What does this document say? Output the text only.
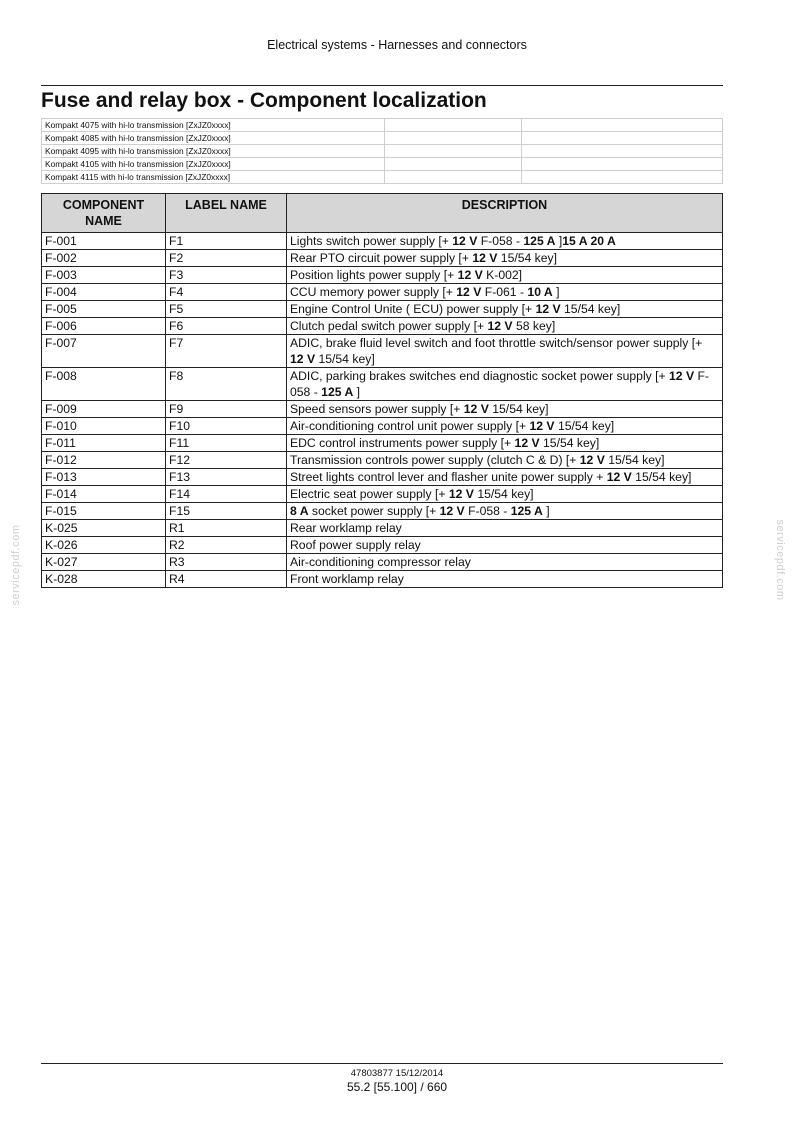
Electrical systems - Harnesses and connectors
Fuse and relay box - Component localization
Kompakt 4075 with hi-lo transmission [ZxJZ0xxxx]		
Kompakt 4085 with hi-lo transmission [ZxJZ0xxxx]		
Kompakt 4095 with hi-lo transmission [ZxJZ0xxxx]		
Kompakt 4105 with hi-lo transmission [ZxJZ0xxxx]		
Kompakt 4115 with hi-lo transmission [ZxJZ0xxxx]		
COMPONENT NAME	LABEL NAME	DESCRIPTION
F-001	F1	Lights switch power supply [+ 12 V F-058 - 125 A ]15 A 20 A
F-002	F2	Rear PTO circuit power supply [+ 12 V 15/54 key]
F-003	F3	Position lights power supply [+ 12 V K-002]
F-004	F4	CCU memory power supply [+ 12 V F-061 - 10 A ]
F-005	F5	Engine Control Unite ( ECU) power supply [+ 12 V 15/54 key]
F-006	F6	Clutch pedal switch power supply [+ 12 V 58 key]
F-007	F7	ADIC, brake fluid level switch and foot throttle switch/sensor power supply [+ 12 V 15/54 key]
F-008	F8	ADIC, parking brakes switches end diagnostic socket power supply [+ 12 V F-058 - 125 A ]
F-009	F9	Speed sensors power supply [+ 12 V 15/54 key]
F-010	F10	Air-conditioning control unit power supply [+ 12 V 15/54 key]
F-011	F11	EDC control instruments power supply [+ 12 V 15/54 key]
F-012	F12	Transmission controls power supply (clutch C & D) [+ 12 V 15/54 key]
F-013	F13	Street lights control lever and flasher unite power supply + 12 V 15/54 key]
F-014	F14	Electric seat power supply [+ 12 V 15/54 key]
F-015	F15	8 A socket power supply [+ 12 V F-058 - 125 A ]
K-025	R1	Rear worklamp relay
K-026	R2	Roof power supply relay
K-027	R3	Air-conditioning compressor relay
K-028	R4	Front worklamp relay
servicepdf.com	servicepdf.com
47803877 15/12/2014
55.2 [55.100] / 660
